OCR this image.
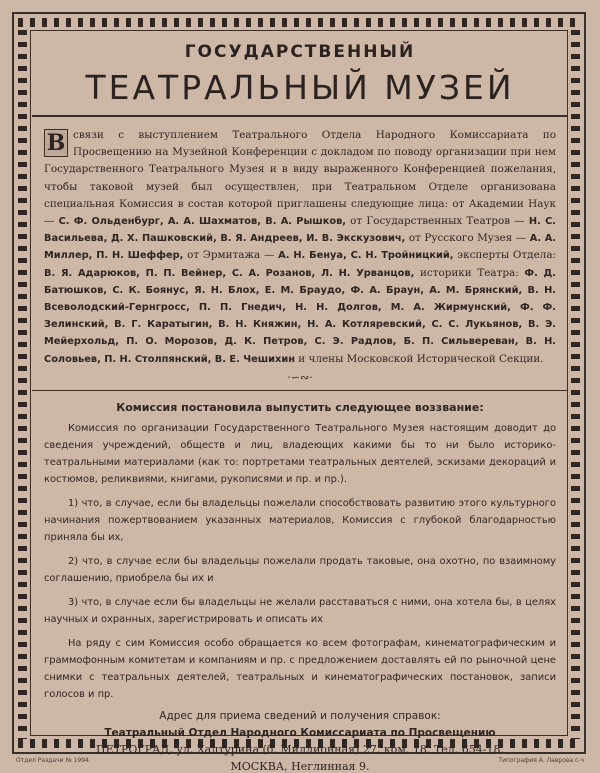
ГОСУДАРСТВЕННЫЙ
ТЕАТРАЛЬНЫЙ МУЗЕЙ
В связи с выступлением Театрального Отдела Народного Комиссариата по Просвещению на Музейной Конференции с докладом по поводу организации при нем Государственного Театрального Музея и в виду выраженного Конференцией пожелания, чтобы таковой музей был осуществлен, при Театральном Отделе организована специальная Комиссия в состав которой приглашены следующие лица: от Академии Наук — С. Ф. Ольденбург, А. А. Шахматов, В. А. Рышков, от Государственных Театров — Н. С. Васильева, Д. Х. Пашковский, В. Я. Андреев, И. В. Экскузович, от Русского Музея — А. А. Миллер, П. Н. Шеффер, от Эрмитажа — А. Н. Бенуа, С. Н. Тройницкий, эксперты Отдела: В. Я. Адарюков, П. П. Вейнер, С. А. Розанов, Л. Н. Урванцов, историки Театра: Ф. Д. Батюшков, С. К. Боянус, Я. Н. Блох, Е. М. Браудо, Ф. А. Браун, А. М. Брянский, В. Н. Всеволодский-Гернгросс, П. П. Гнедич, Н. Н. Долгов, М. А. Жирмунский, Ф. Ф. Зелинский, В. Г. Каратыгин, В. Н. Княжин, Н. А. Котляревский, С. С. Лукьянов, В. Э. Мейерхольд, П. О. Морозов, Д. К. Петров, С. Э. Радлов, Б. П. Сильвереван, В. Н. Соловьев, П. Н. Столпянский, В. Е. Чешихин и члены Московской Исторической Секции.
·∽∾·
Комиссия постановила выпустить следующее воззвание:

Комиссия по организации Государственного Театрального Музея настоящим доводит до сведения учреждений, обществ и лиц, владеющих какими бы то ни было историко-театральными материалами (как то: портретами театральных деятелей, эскизами декораций и костюмов, реликвиями, книгами, рукописями и пр. и пр.).

1) что, в случае, если бы владельцы пожелали способствовать развитию этого культурного начинания пожертвованием указанных материалов, Комиссия с глубокой благодарностью приняла бы их,

2) что, в случае если бы владельцы пожелали продать таковые, она охотно, по взаимному соглашению, приобрела бы их и

3) что, в случае если бы владельцы не желали расставаться с ними, она хотела бы, в целях научных и охранных, зарегистрировать и описать их

На ряду с сим Комиссия особо обращается ко всем фотографам, кинематографическим и граммофонным комитетам и компаниям и пр. с предложением доставлять ей по рыночной цене снимки с театральных деятелей, театральных и кинематографических постановок, записи голосов и пр.

Адрес для приема сведений и получения справок:
Театральный Отдел Народного Комиссариата по Просвещению
ПЕТРОГРАД, ул. Халтурина (б. Миллионная) 27, ком. 18. Тел. 654-18.
МОСКВА, Неглинная 9.
Отдел Раздачи № 1994.	Типография А. Лаврова с-ч
